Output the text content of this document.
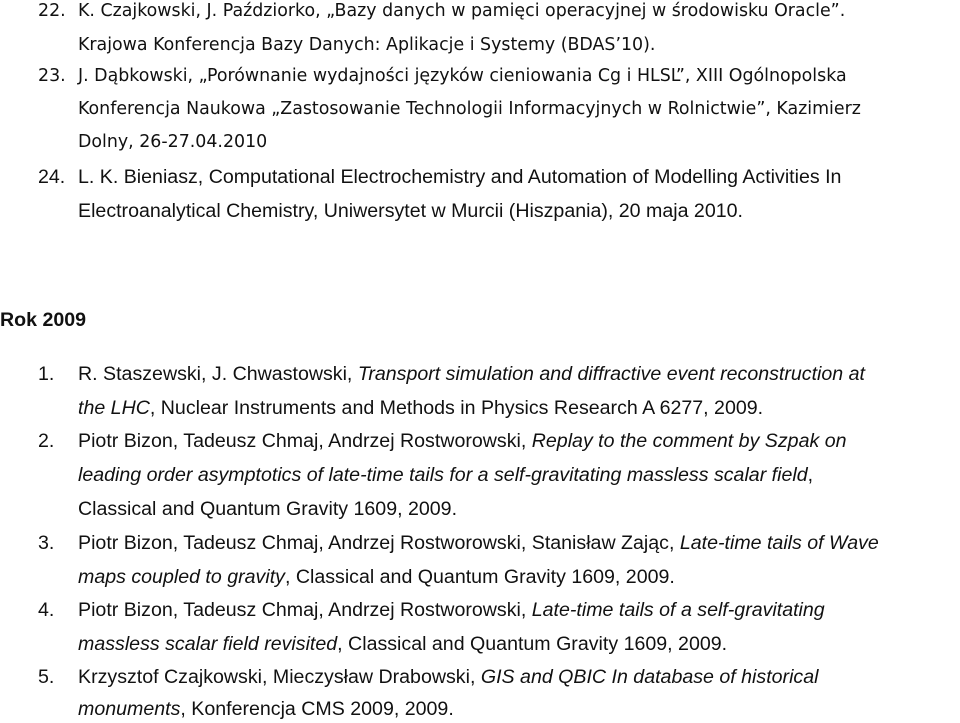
22. K. Czajkowski, J. Paździorko, „Bazy danych w pamięci operacyjnej w środowisku Oracle”.
Krajowa Konferencja Bazy Danych: Aplikacje i Systemy (BDAS’10).
23. J. Dąbkowski, „Porównanie wydajności języków cieniowania Cg i HLSL”, XIII Ogólnopolska
Konferencja Naukowa „Zastosowanie Technologii Informacyjnych w Rolnictwie”, Kazimierz
Dolny, 26-27.04.2010
24. L. K. Bieniasz, Computational Electrochemistry and Automation of Modelling Activities In
Electroanalytical Chemistry, Uniwersytet w Murcii (Hiszpania), 20 maja 2010.
Rok 2009
1. R. Staszewski, J. Chwastowski, Transport simulation and diffractive event reconstruction at
the LHC, Nuclear Instruments and Methods in Physics Research A 6277, 2009.
2. Piotr Bizon, Tadeusz Chmaj, Andrzej Rostworowski, Replay to the comment by Szpak on
leading order asymptotics of late-time tails for a self-gravitating massless scalar field,
Classical and Quantum Gravity 1609, 2009.
3. Piotr Bizon, Tadeusz Chmaj, Andrzej Rostworowski, Stanisław Zając, Late-time tails of Wave
maps coupled to gravity, Classical and Quantum Gravity 1609, 2009.
4. Piotr Bizon, Tadeusz Chmaj, Andrzej Rostworowski, Late-time tails of a self-gravitating
massless scalar field revisited, Classical and Quantum Gravity 1609, 2009.
5. Krzysztof Czajkowski, Mieczysław Drabowski, GIS and QBIC In database of historical
monuments, Konferencja CMS 2009, 2009.
